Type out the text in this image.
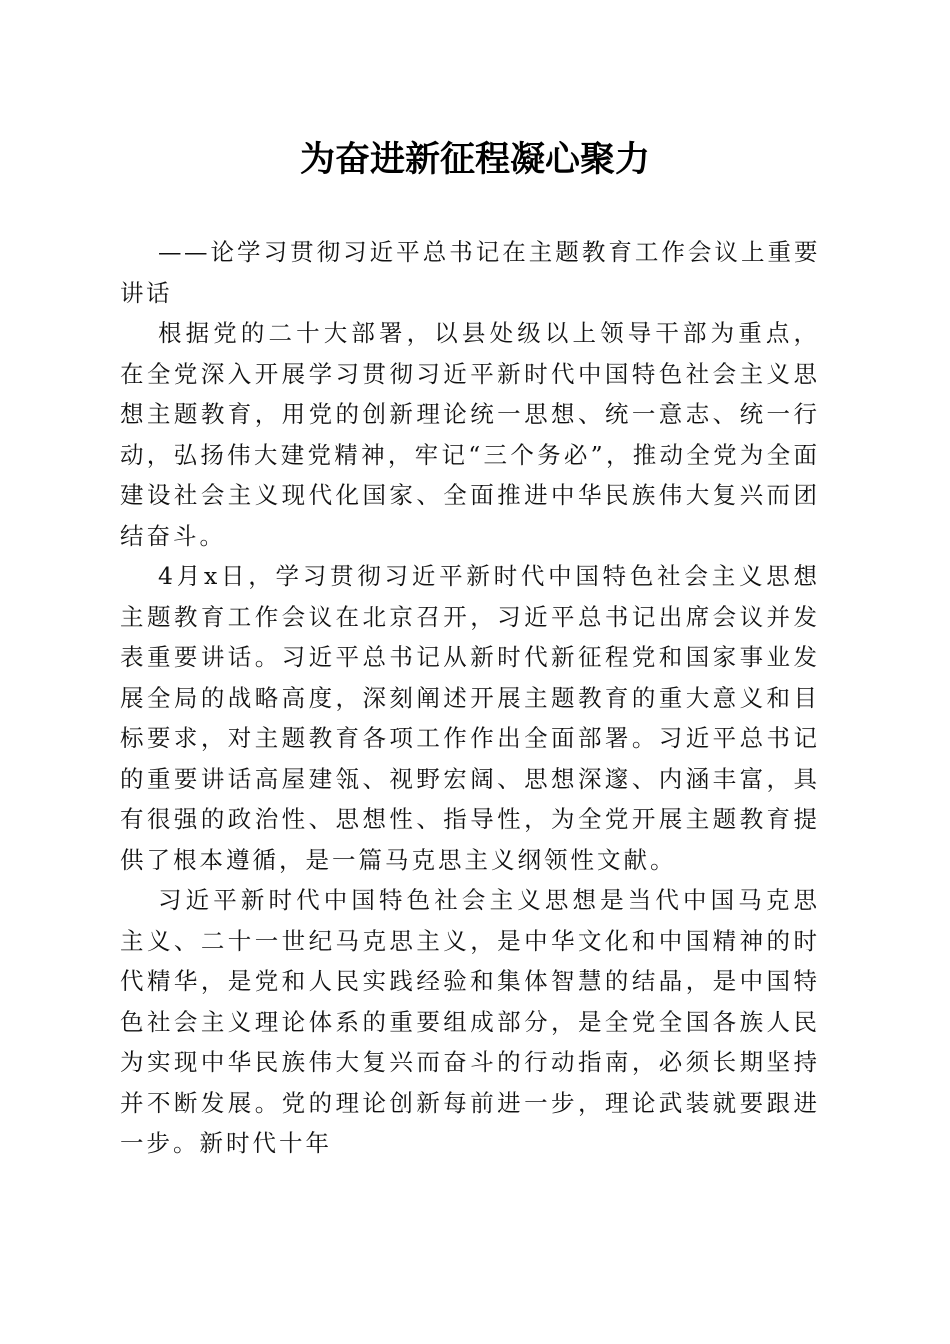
为奋进新征程凝心聚力

——论学习贯彻习近平总书记在主题教育工作会议上重要讲话

根据党的二十大部署，以县处级以上领导干部为重点，在全党深入开展学习贯彻习近平新时代中国特色社会主义思想主题教育，用党的创新理论统一思想、统一意志、统一行动，弘扬伟大建党精神，牢记“三个务必”，推动全党为全面建设社会主义现代化国家、全面推进中华民族伟大复兴而团结奋斗。

4月x日，学习贯彻习近平新时代中国特色社会主义思想主题教育工作会议在北京召开，习近平总书记出席会议并发表重要讲话。习近平总书记从新时代新征程党和国家事业发展全局的战略高度，深刻阐述开展主题教育的重大意义和目标要求，对主题教育各项工作作出全面部署。习近平总书记的重要讲话高屋建瓴、视野宏阔、思想深邃、内涵丰富，具有很强的政治性、思想性、指导性，为全党开展主题教育提供了根本遵循，是一篇马克思主义纲领性文献。

习近平新时代中国特色社会主义思想是当代中国马克思主义、二十一世纪马克思主义，是中华文化和中国精神的时代精华，是党和人民实践经验和集体智慧的结晶，是中国特色社会主义理论体系的重要组成部分，是全党全国各族人民为实现中华民族伟大复兴而奋斗的行动指南，必须长期坚持并不断发展。党的理论创新每前进一步，理论武装就要跟进一步。新时代十年
